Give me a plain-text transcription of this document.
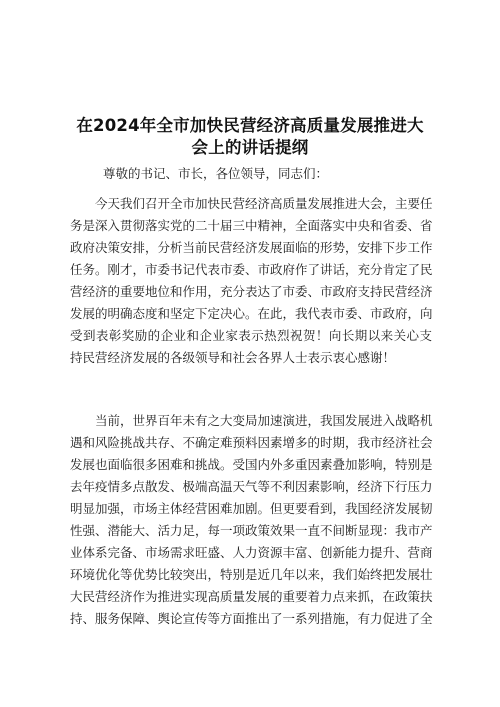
在2024年全市加快民营经济高质量发展推进大
会上的讲话提纲
尊敬的书记、市长，各位领导，同志们：
今天我们召开全市加快民营经济高质量发展推进大会，主要任
务是深入贯彻落实党的二十届三中精神，全面落实中央和省委、省
政府决策安排，分析当前民营经济发展面临的形势，安排下步工作
任务。刚才，市委书记代表市委、市政府作了讲话，充分肯定了民
营经济的重要地位和作用，充分表达了市委、市政府支持民营经济
发展的明确态度和坚定下定决心。在此，我代表市委、市政府，向
受到表彰奖励的企业和企业家表示热烈祝贺！向长期以来关心支
持民营经济发展的各级领导和社会各界人士表示衷心感谢！
当前，世界百年未有之大变局加速演进，我国发展进入战略机
遇和风险挑战共存、不确定难预料因素增多的时期，我市经济社会
发展也面临很多困难和挑战。受国内外多重因素叠加影响，特别是
去年疫情多点散发、极端高温天气等不利因素影响，经济下行压力
明显加强，市场主体经营困难加剧。但更要看到，我国经济发展韧
性强、潜能大、活力足，每一项政策效果一直不间断显现：我市产
业体系完备、市场需求旺盛、人力资源丰富、创新能力提升、营商
环境优化等优势比较突出，特别是近几年以来，我们始终把发展壮
大民营经济作为推进实现高质量发展的重要着力点来抓，在政策扶
持、服务保障、舆论宣传等方面推出了一系列措施，有力促进了全
